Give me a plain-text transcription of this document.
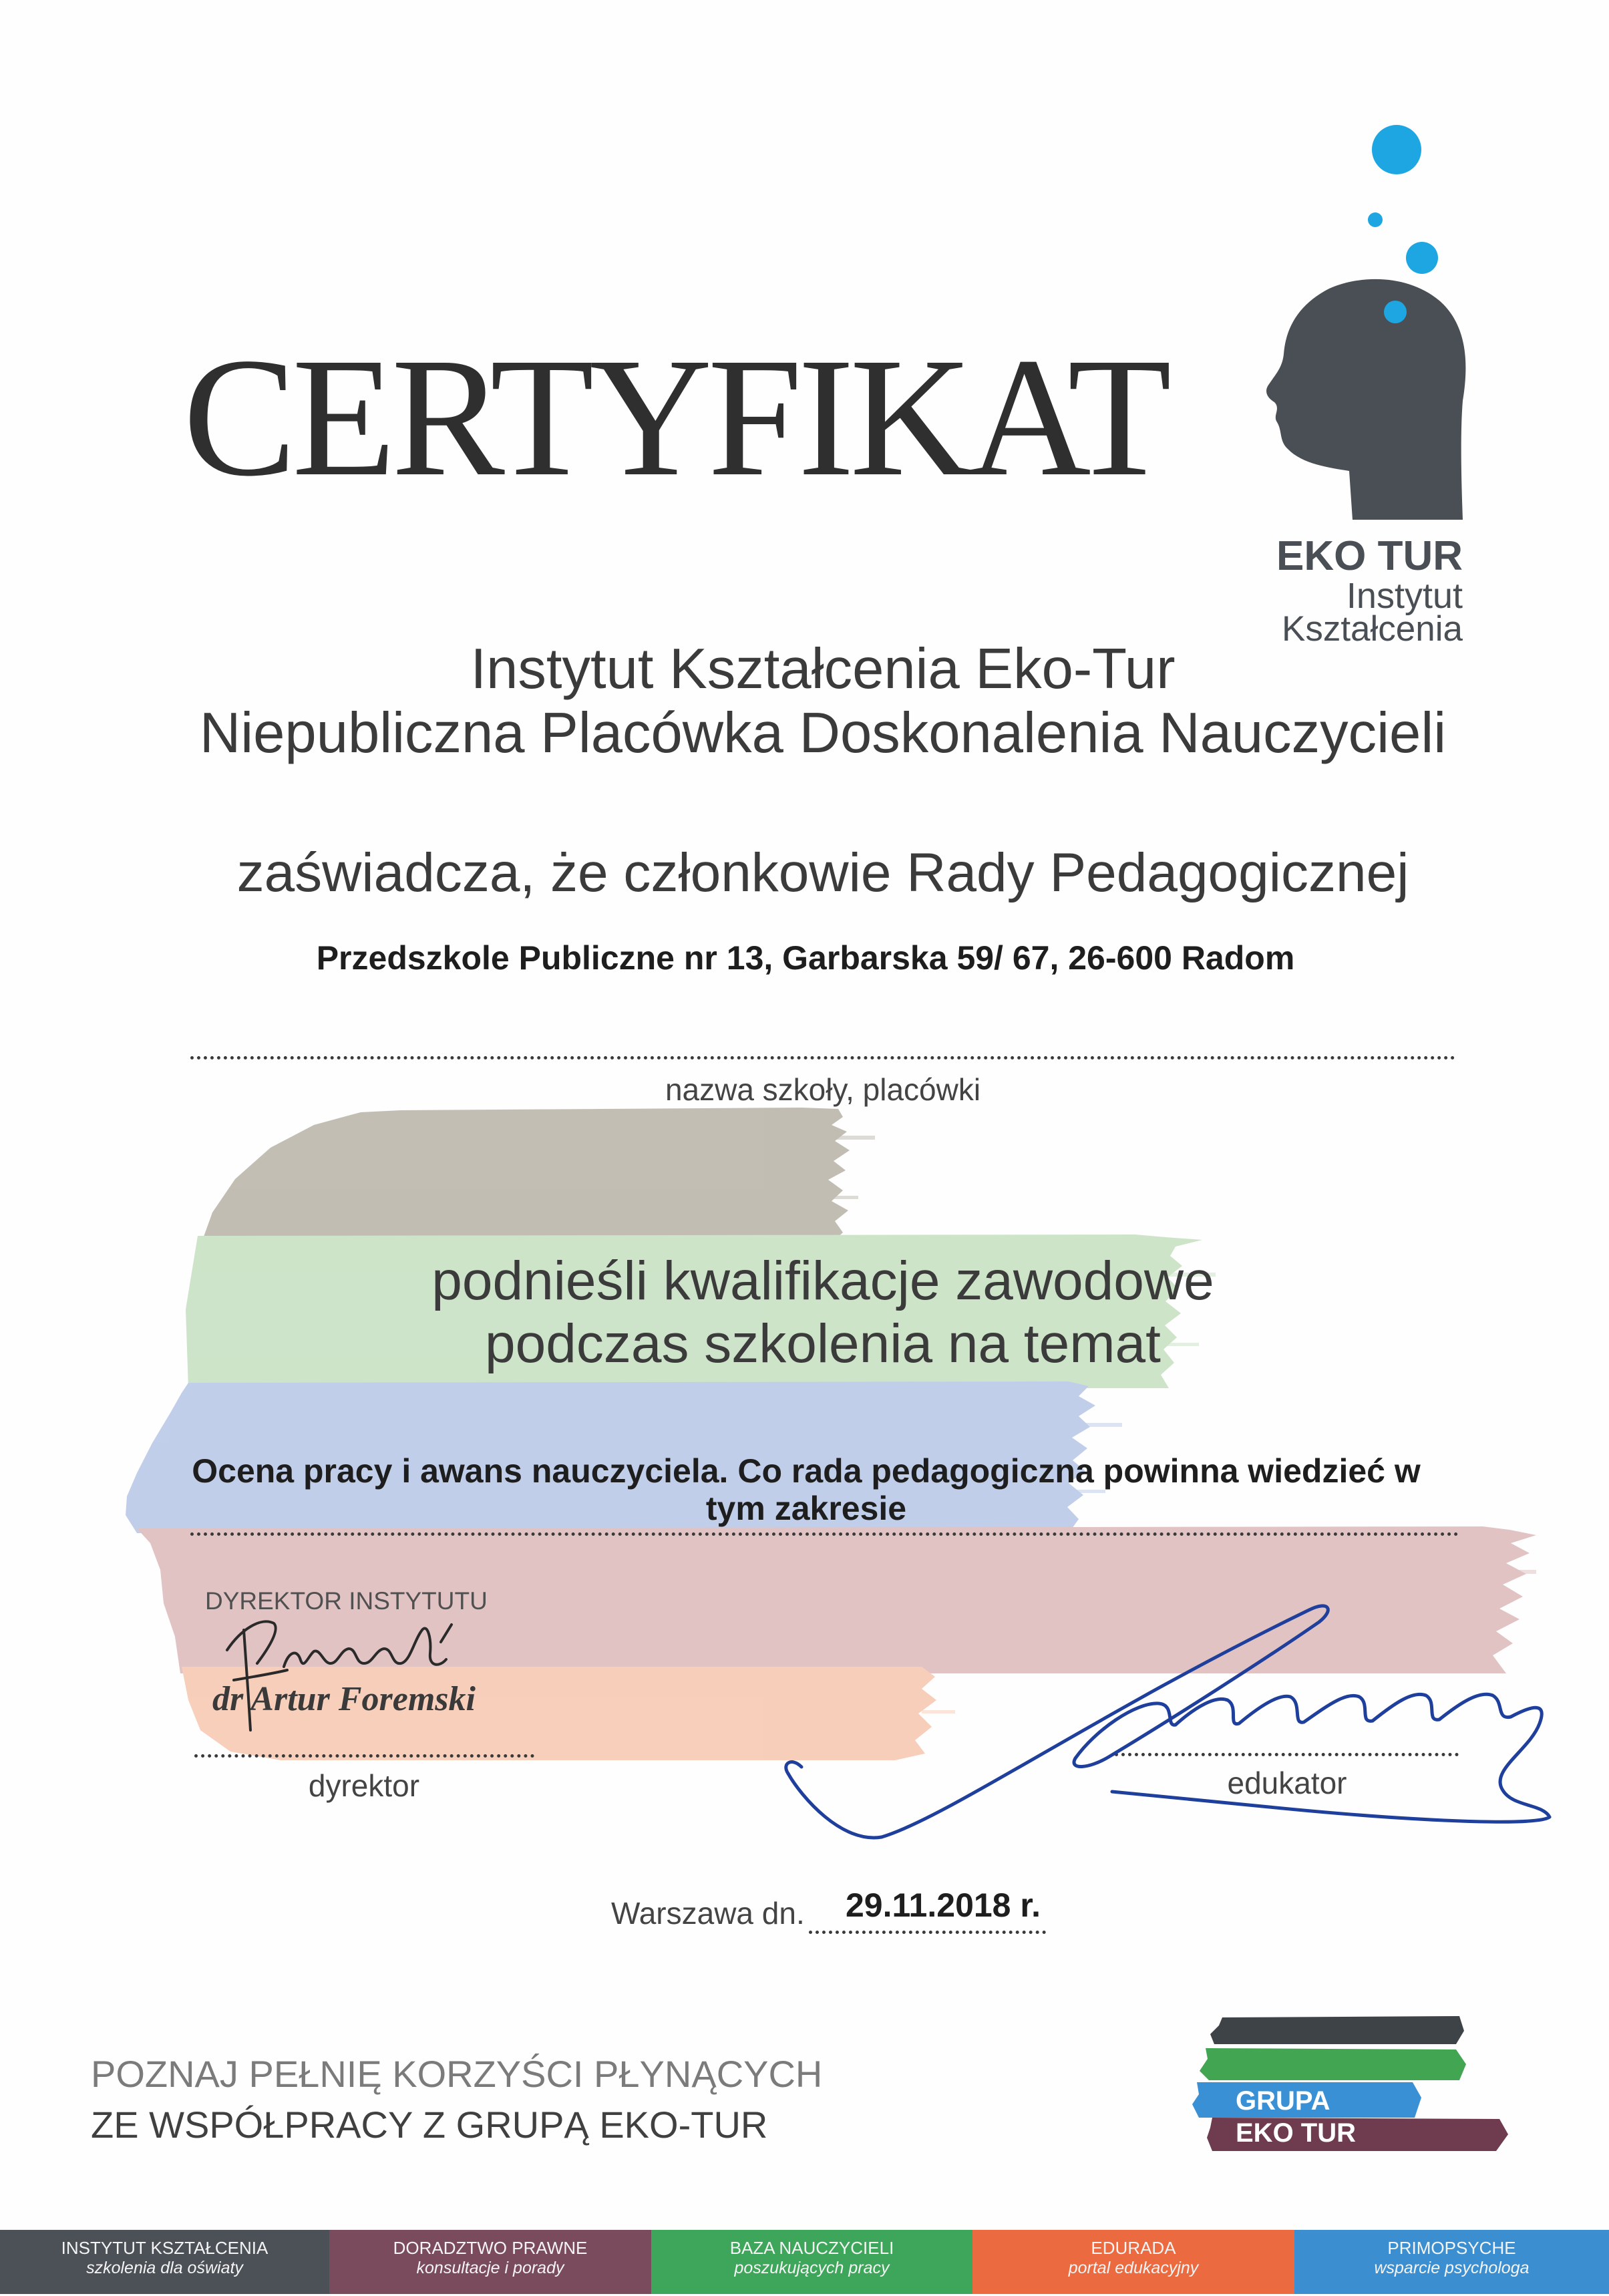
CERTYFIKAT
EKO TUR
Instytut
Kształcenia
Instytut Kształcenia Eko-Tur
Niepubliczna Placówka Doskonalenia Nauczycieli
zaświadcza, że członkowie Rady Pedagogicznej
Przedszkole Publiczne nr 13, Garbarska 59/ 67, 26-600 Radom
nazwa szkoły, placówki
podnieśli kwalifikacje zawodowe
podczas szkolenia na temat
Ocena pracy i awans nauczyciela. Co rada pedagogiczna powinna wiedzieć w tym zakresie
DYREKTOR INSTYTUTU
dr Artur Foremski
dyrektor	edukator
Warszawa dn. 29.11.2018 r.
POZNAJ PEŁNIĘ KORZYŚCI PŁYNĄCYCH
ZE WSPÓŁPRACY Z GRUPĄ EKO-TUR
GRUPA
EKO TUR
INSTYTUT KSZTAŁCENIA
szkolenia dla oświaty
DORADZTWO PRAWNE
konsultacje i porady
BAZA NAUCZYCIELI
poszukujących pracy
EDURADA
portal edukacyjny
PRIMOPSYCHE
wsparcie psychologa
